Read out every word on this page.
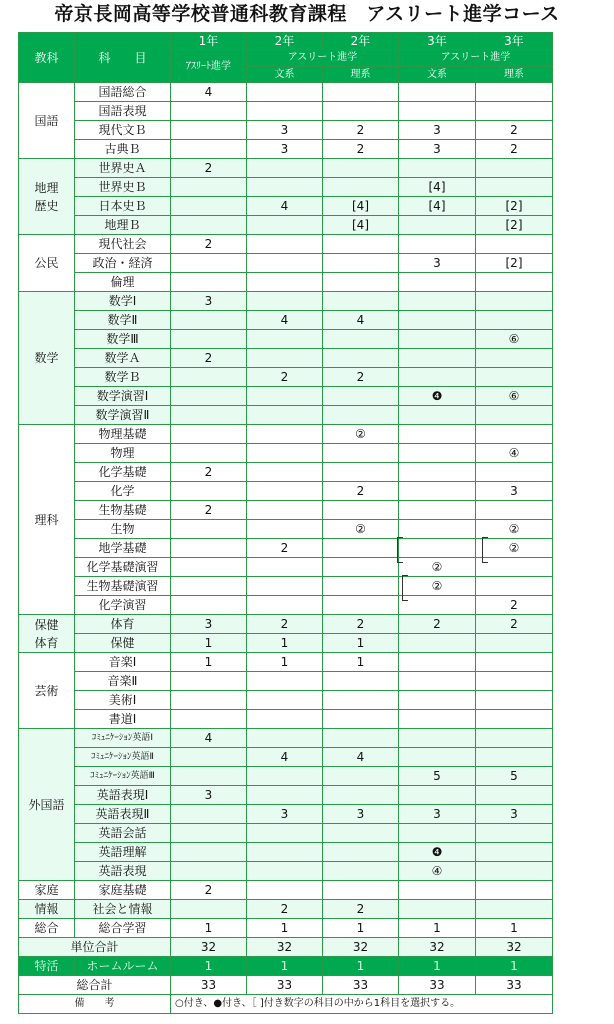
帝京長岡高等学校普通科教育課程　アスリート進学コース
教科	科　　目	1年	2年	2年	3年	3年
		ｱｽﾘｰﾄ進学	アスリート進学		アスリート進学	
			文系	理系	文系	理系
国語	国語総合	4				
	国語表現					
	現代文Ｂ		3	2	3	2
	古典Ｂ		3	2	3	2
地理歴史	世界史Ａ	2				
	世界史Ｂ				[4]	
	日本史Ｂ		4	[4]	[4]	[2]
	地理Ｂ			[4]		[2]
公民	現代社会	2				
	政治・経済				3	[2]
	倫理					
数学	数学Ⅰ	3				
	数学Ⅱ		4	4		
	数学Ⅲ					⑥
	数学Ａ	2				
	数学Ｂ		2	2		
	数学演習Ⅰ				❹	⑥
	数学演習Ⅱ					
理科	物理基礎			②		
	物理					④
	化学基礎	2				
	化学			2		3
	生物基礎	2				
	生物			②		②
	地学基礎		2			②
	化学基礎演習				②	
	生物基礎演習				②	
	化学演習					2
保健体育	体育	3	2	2	2	2
	保健	1	1	1		
芸術	音楽Ⅰ	1	1	1		
	音楽Ⅱ					
	美術Ⅰ					
	書道Ⅰ					
外国語	ｺﾐｭﾆｹｰｼｮﾝ英語Ⅰ	4				
	ｺﾐｭﾆｹｰｼｮﾝ英語Ⅱ		4	4		
	ｺﾐｭﾆｹｰｼｮﾝ英語Ⅲ				5	5
	英語表現Ⅰ	3				
	英語表現Ⅱ		3	3	3	3
	英語会話					
	英語理解				❹	
	英語表現				④	
家庭	家庭基礎	2				
情報	社会と情報		2	2		
総合	総合学習	1	1	1	1	1
単位合計		32	32	32	32	32
特活	ホームルーム	1	1	1	1	1
総合計		33	33	33	33	33
備　　考		○付き、●付き、［ ]付き数字の科目の中から1科目を選択する。				
